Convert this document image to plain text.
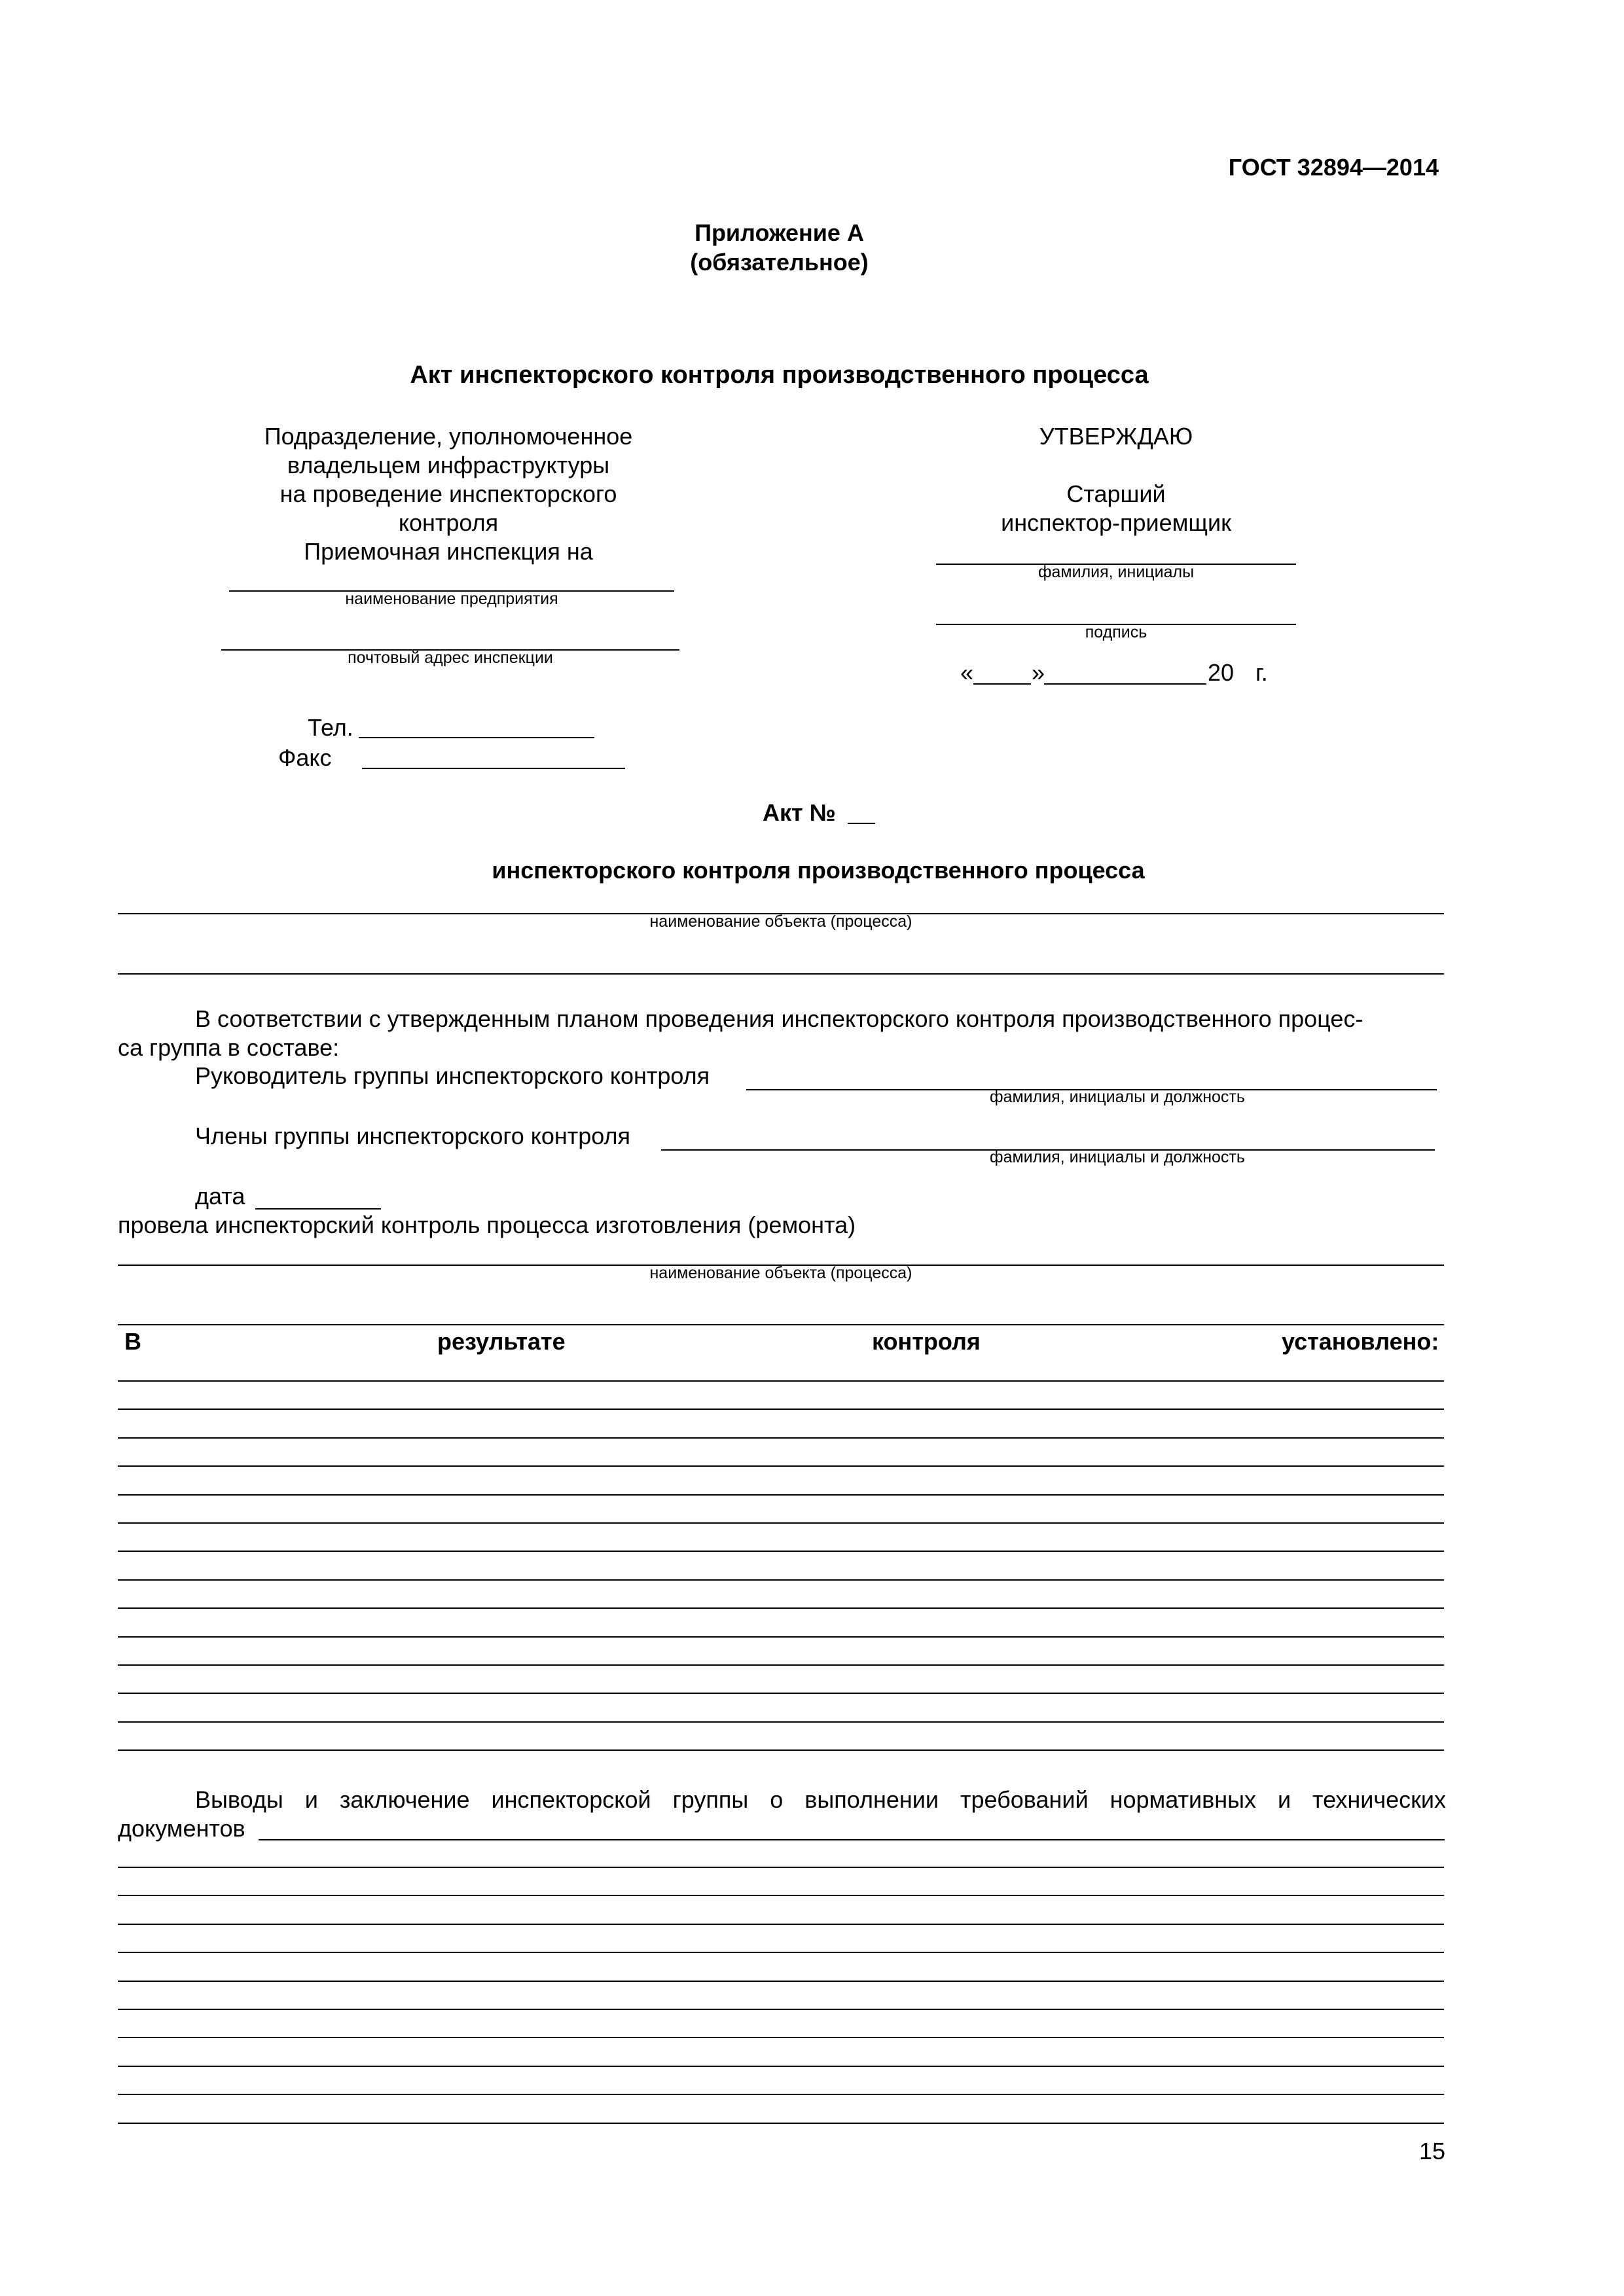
ГОСТ 32894—2014
Приложение А
(обязательное)
Акт инспекторского контроля производственного процесса
Подразделение, уполномоченное
владельцем инфраструктуры
на проведение инспекторского
контроля
Приемочная инспекция на
наименование предприятия
почтовый адрес инспекции
Тел.
Факс
УТВЕРЖДАЮ
Старший
инспектор-приемщик
фамилия, инициалы
подпись
« »	20 г.
Акт №
инспекторского контроля производственного процесса
наименование объекта (процесса)
В соответствии с утвержденным планом проведения инспекторского контроля производственного процес-
са группа в составе:
Руководитель группы инспекторского контроля
фамилия, инициалы и должность
Члены группы инспекторского контроля
фамилия, инициалы и должность
дата
провела инспекторский контроль процесса изготовления (ремонта)
наименование объекта (процесса)
В	результате	контроля	установлено:
Выводы и заключение инспекторской группы о выполнении требований нормативных и технических
документов
15
